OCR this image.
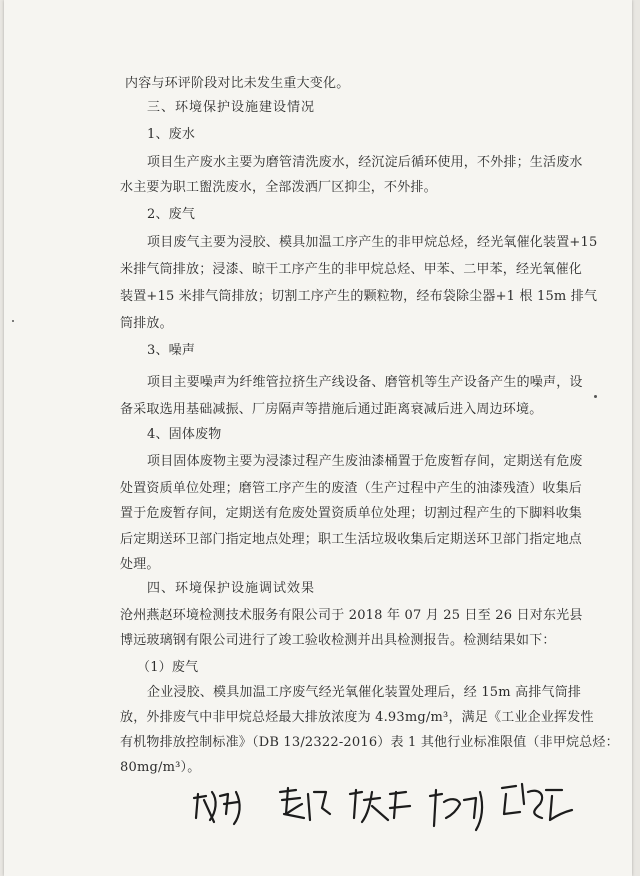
内容与环评阶段对比未发生重大变化。
三、环境保护设施建设情况
1、废水
项目生产废水主要为磨管清洗废水，经沉淀后循环使用，不外排；生活废水
水主要为职工盥洗废水，全部泼洒厂区抑尘，不外排。
2、废气
项目废气主要为浸胶、模具加温工序产生的非甲烷总烃，经光氧催化装置+15
米排气筒排放；浸漆、晾干工序产生的非甲烷总烃、甲苯、二甲苯，经光氧催化
装置+15 米排气筒排放；切割工序产生的颗粒物，经布袋除尘器+1 根 15m 排气
筒排放。
3、噪声
项目主要噪声为纤维管拉挤生产线设备、磨管机等生产设备产生的噪声，设
备采取选用基础减振、厂房隔声等措施后通过距离衰减后进入周边环境。
4、固体废物
项目固体废物主要为浸漆过程产生废油漆桶置于危废暂存间，定期送有危废
处置资质单位处理；磨管工序产生的废渣（生产过程中产生的油漆残渣）收集后
置于危废暂存间，定期送有危废处置资质单位处理；切割过程产生的下脚料收集
后定期送环卫部门指定地点处理；职工生活垃圾收集后定期送环卫部门指定地点
处理。
四、环境保护设施调试效果
沧州燕赵环境检测技术服务有限公司于 2018 年 07 月 25 日至 26 日对东光县
博远玻璃钢有限公司进行了竣工验收检测并出具检测报告。检测结果如下：
（1）废气
企业浸胶、模具加温工序废气经光氧催化装置处理后，经 15m 高排气筒排
放，外排废气中非甲烷总烃最大排放浓度为 4.93mg/m³，满足《工业企业挥发性
有机物排放控制标准》（DB 13/2322-2016）表 1 其他行业标准限值（非甲烷总烃：
80mg/m³）。
